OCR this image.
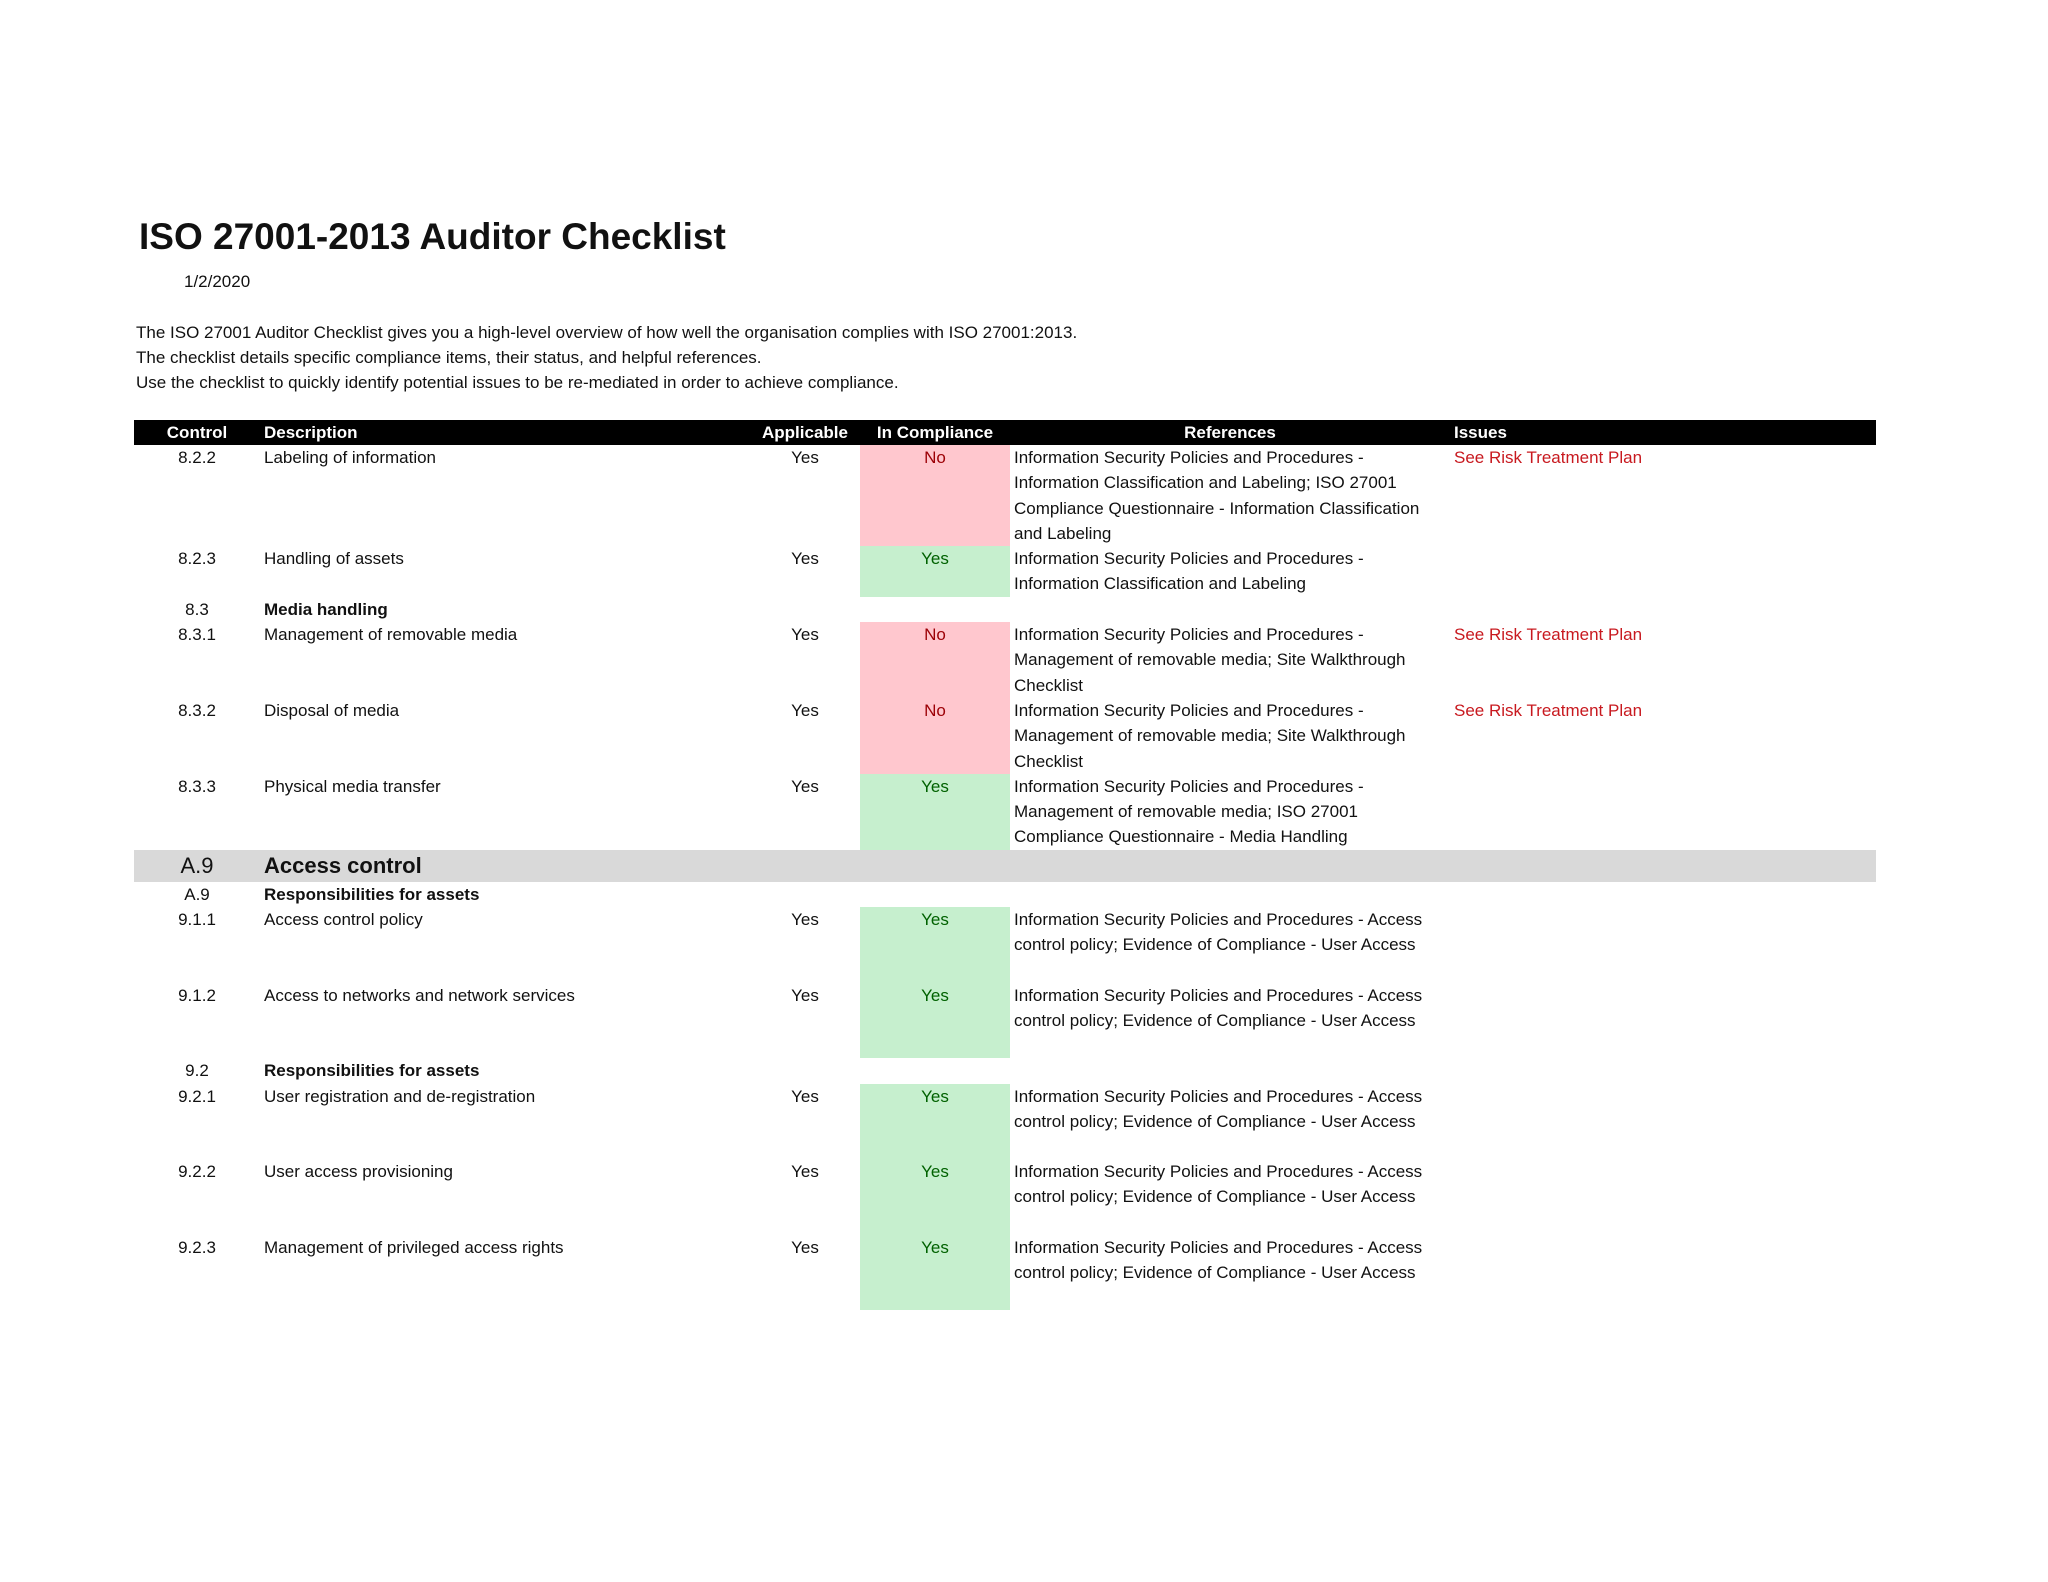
ISO 27001-2013 Auditor Checklist
1/2/2020
The ISO 27001 Auditor Checklist gives you a high-level overview of how well the organisation complies with ISO 27001:2013.
The checklist details specific compliance items, their status, and helpful references.
Use the checklist to quickly identify potential issues to be re-mediated in order to achieve compliance.
Control	Description	Applicable	In Compliance	References	Issues
8.2.2	Labeling of information	Yes	No	Information Security Policies and Procedures - Information Classification and Labeling; ISO 27001 Compliance Questionnaire - Information Classification and Labeling	See Risk Treatment Plan
8.2.3	Handling of assets	Yes	Yes	Information Security Policies and Procedures - Information Classification and Labeling	
8.3	Media handling				
8.3.1	Management of removable media	Yes	No	Information Security Policies and Procedures - Management of removable media; Site Walkthrough Checklist	See Risk Treatment Plan
8.3.2	Disposal of media	Yes	No	Information Security Policies and Procedures - Management of removable media; Site Walkthrough Checklist	See Risk Treatment Plan
8.3.3	Physical media transfer	Yes	Yes	Information Security Policies and Procedures - Management of removable media; ISO 27001 Compliance Questionnaire - Media Handling	
A.9	Access control				
A.9	Responsibilities for assets				
9.1.1	Access control policy	Yes	Yes	Information Security Policies and Procedures - Access control policy; Evidence of Compliance - User Access	

9.1.2	Access to networks and network services	Yes	Yes	Information Security Policies and Procedures - Access control policy; Evidence of Compliance - User Access	

9.2	Responsibilities for assets				
9.2.1	User registration and de-registration	Yes	Yes	Information Security Policies and Procedures - Access control policy; Evidence of Compliance - User Access	

9.2.2	User access provisioning	Yes	Yes	Information Security Policies and Procedures - Access control policy; Evidence of Compliance - User Access	

9.2.3	Management of privileged access rights	Yes	Yes	Information Security Policies and Procedures - Access control policy; Evidence of Compliance - User Access	
